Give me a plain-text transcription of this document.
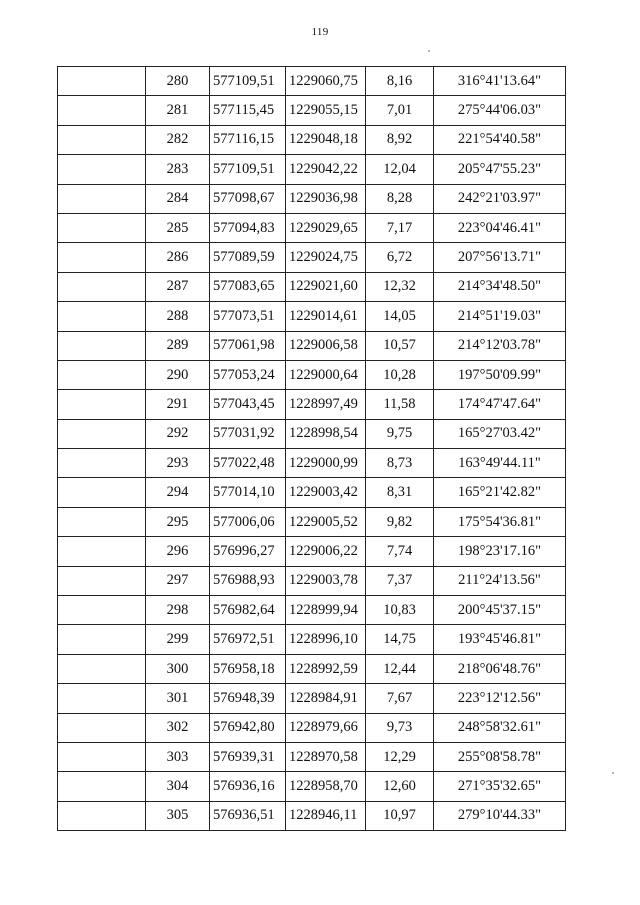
119
	280	577109,51	1229060,75	8,16	316°41'13.64"
	281	577115,45	1229055,15	7,01	275°44'06.03"
	282	577116,15	1229048,18	8,92	221°54'40.58"
	283	577109,51	1229042,22	12,04	205°47'55.23"
	284	577098,67	1229036,98	8,28	242°21'03.97"
	285	577094,83	1229029,65	7,17	223°04'46.41"
	286	577089,59	1229024,75	6,72	207°56'13.71"
	287	577083,65	1229021,60	12,32	214°34'48.50"
	288	577073,51	1229014,61	14,05	214°51'19.03"
	289	577061,98	1229006,58	10,57	214°12'03.78"
	290	577053,24	1229000,64	10,28	197°50'09.99"
	291	577043,45	1228997,49	11,58	174°47'47.64"
	292	577031,92	1228998,54	9,75	165°27'03.42"
	293	577022,48	1229000,99	8,73	163°49'44.11"
	294	577014,10	1229003,42	8,31	165°21'42.82"
	295	577006,06	1229005,52	9,82	175°54'36.81"
	296	576996,27	1229006,22	7,74	198°23'17.16"
	297	576988,93	1229003,78	7,37	211°24'13.56"
	298	576982,64	1228999,94	10,83	200°45'37.15"
	299	576972,51	1228996,10	14,75	193°45'46.81"
	300	576958,18	1228992,59	12,44	218°06'48.76"
	301	576948,39	1228984,91	7,67	223°12'12.56"
	302	576942,80	1228979,66	9,73	248°58'32.61"
	303	576939,31	1228970,58	12,29	255°08'58.78"
	304	576936,16	1228958,70	12,60	271°35'32.65"
	305	576936,51	1228946,11	10,97	279°10'44.33"
